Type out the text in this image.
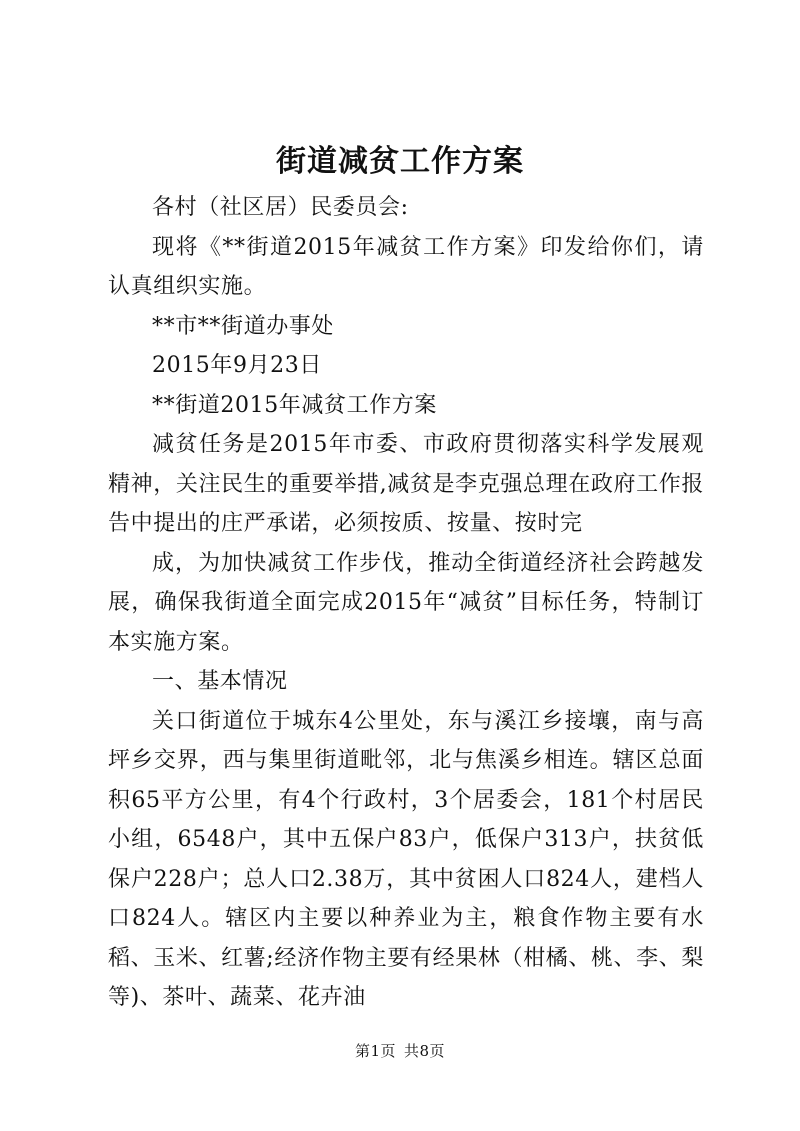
街道减贫工作方案

各村（社区居）民委员会:

现将《**街道2015年减贫工作方案》印发给你们，请认真组织实施。

**市**街道办事处

2015年9月23日

**街道2015年减贫工作方案

减贫任务是2015年市委、市政府贯彻落实科学发展观精神，关注民生的重要举措,减贫是李克强总理在政府工作报告中提出的庄严承诺，必须按质、按量、按时完

成，为加快减贫工作步伐，推动全街道经济社会跨越发展，确保我街道全面完成2015年“减贫”目标任务，特制订本实施方案。

一、基本情况

关口街道位于城东4公里处，东与溪江乡接壤，南与高坪乡交界，西与集里街道毗邻，北与焦溪乡相连。辖区总面积65平方公里，有4个行政村，3个居委会，181个村居民小组，6548户，其中五保户83户，低保户313户，扶贫低保户228户；总人口2.38万，其中贫困人口824人，建档人口824人。辖区内主要以种养业为主，粮食作物主要有水稻、玉米、红薯;经济作物主要有经果林（柑橘、桃、李、梨等)、茶叶、蔬菜、花卉油

第1页 共8页
